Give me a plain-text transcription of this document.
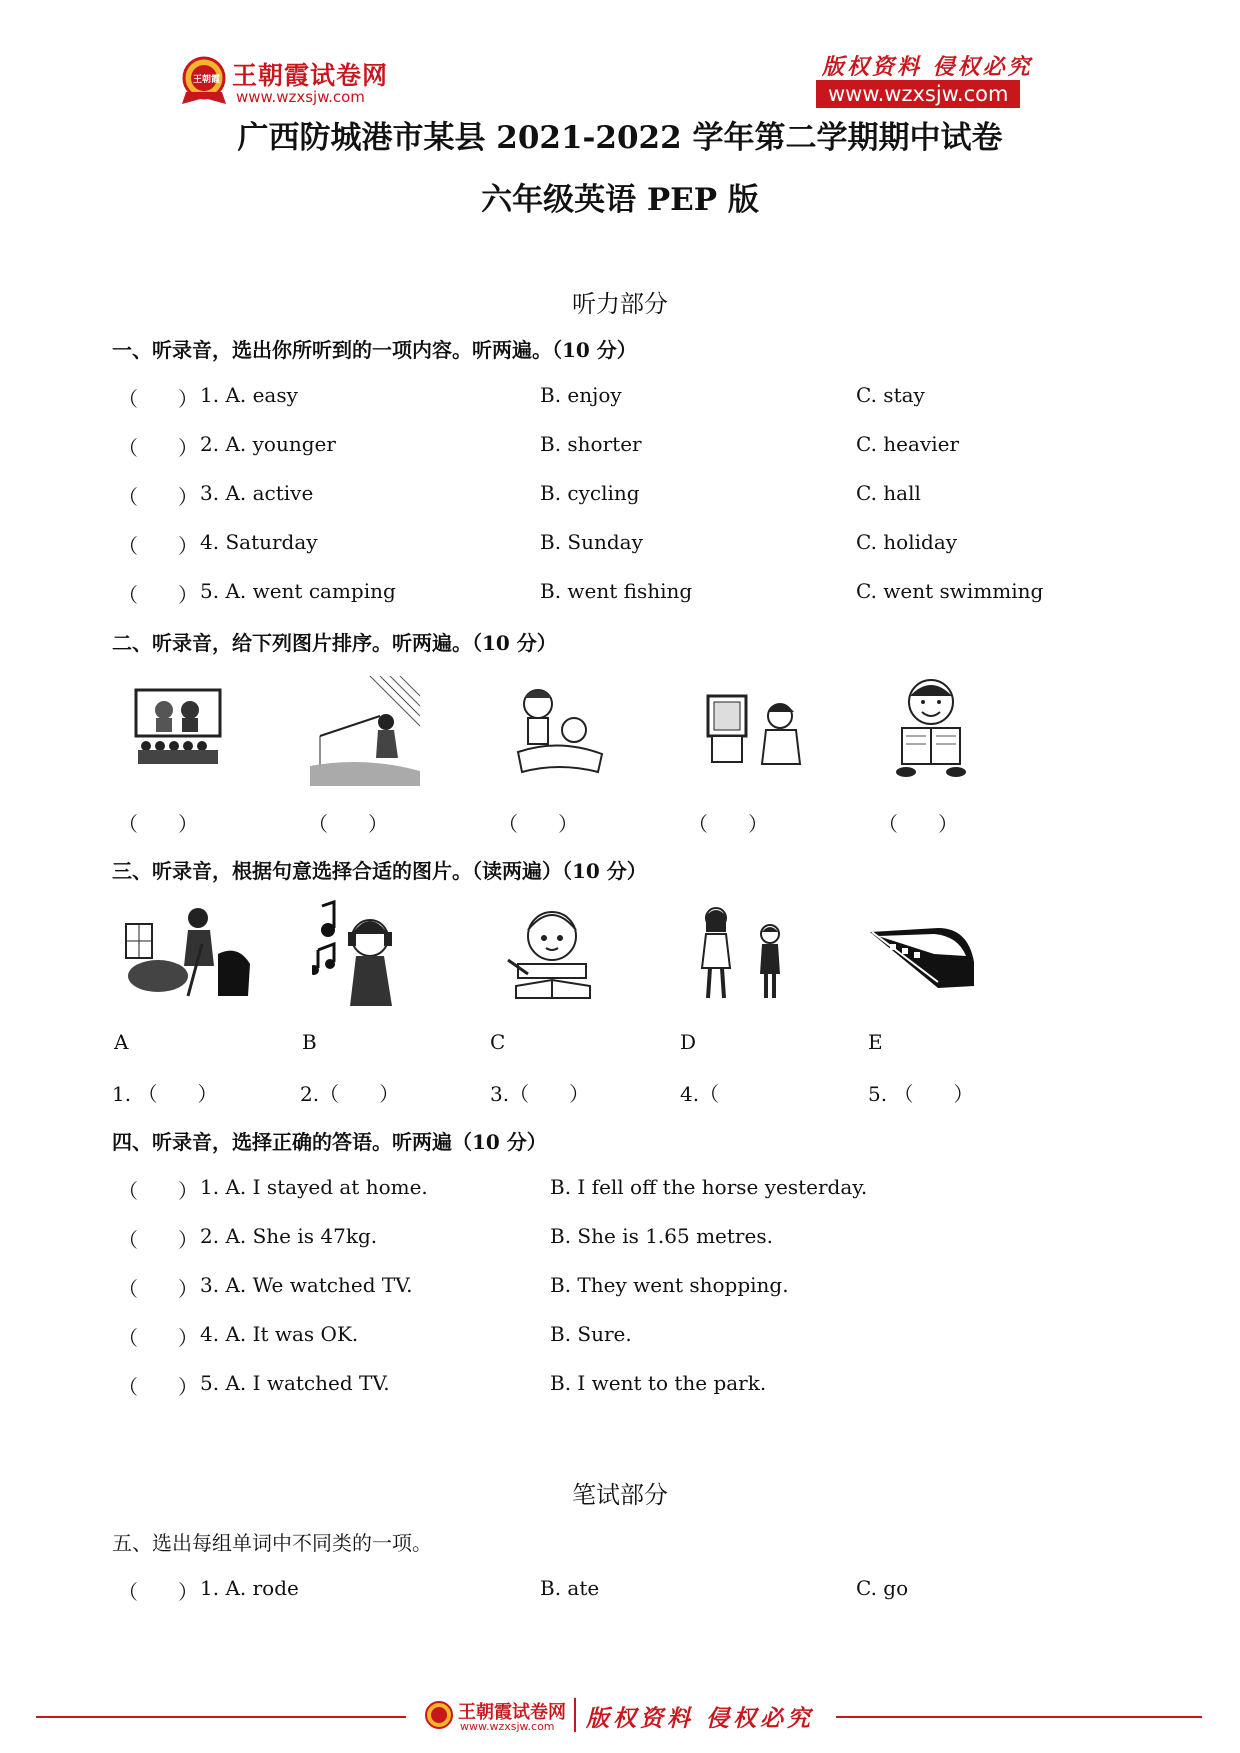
王朝霞 王朝霞试卷网
www.wzxsjw.com
版权资料 侵权必究
www.wzxsjw.com
广西防城港市某县 2021-2022 学年第二学期期中试卷
六年级英语 PEP 版
听力部分
一、听录音，选出你所听到的一项内容。听两遍。（10 分）
（　　） 1. A. easy	B. enjoy	C. stay
（　　） 2. A. younger	B. shorter	C. heavier
（　　） 3. A. active	B. cycling	C. hall
（　　） 4. Saturday	B. Sunday	C. holiday
（　　） 5. A. went camping	B. went fishing	C. went swimming
二、听录音，给下列图片排序。听两遍。（10 分）
（　　）	（　　）	（　　）	（　　）	（　　）
三、听录音，根据句意选择合适的图片。（读两遍）（10 分）
A	B	C	D	E
1. （　　）	2.（　　）	3.（　　）	4.（	5. （　　）
四、听录音，选择正确的答语。听两遍（10 分）
（　　） 1. A. I stayed at home.	B. I fell off the horse yesterday.
（　　） 2. A. She is 47kg.	B. She is 1.65 metres.
（　　） 3. A. We watched TV.	B. They went shopping.
（　　） 4. A. It was OK.	B. Sure.
（　　） 5. A. I watched TV.	B. I went to the park.
笔试部分
五、选出每组单词中不同类的一项。
（　　） 1. A. rode	B. ate	C. go
王朝霞试卷网
www.wzxsjw.com 版权资料 侵权必究
